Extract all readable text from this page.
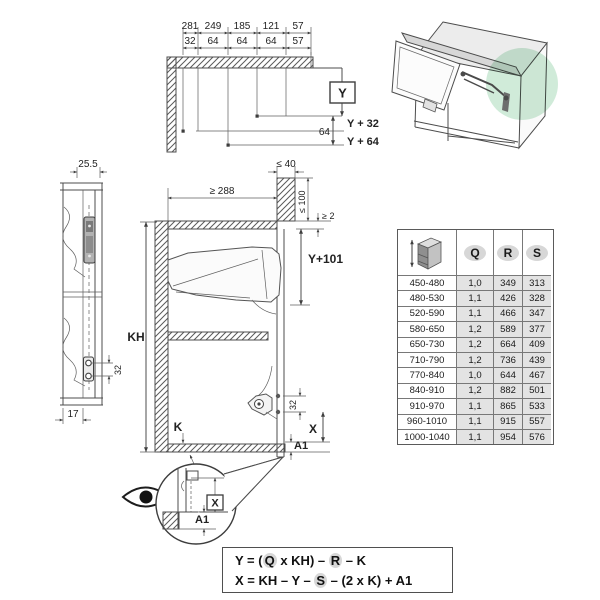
281 249 185 121 57
32 64 64 64 57
Y
64
Y + 32
Y + 64
25.5
32
17
≤ 40
≤ 100
≥ 2
≥ 288
KH
Y+101
32
X
A1
K
X
A1
Q	R	S
450-480	1,0	349	313
480-530	1,1	426	328
520-590	1,1	466	347
580-650	1,2	589	377
650-730	1,2	664	409
710-790	1,2	736	439
770-840	1,0	644	467
840-910	1,2	882	501
910-970	1,1	865	533
960-1010	1,1	915	557
1000-1040	1,1	954	576
Y = ( Q x KH) – R – K
X = KH – Y – S – (2 x K) + A1
